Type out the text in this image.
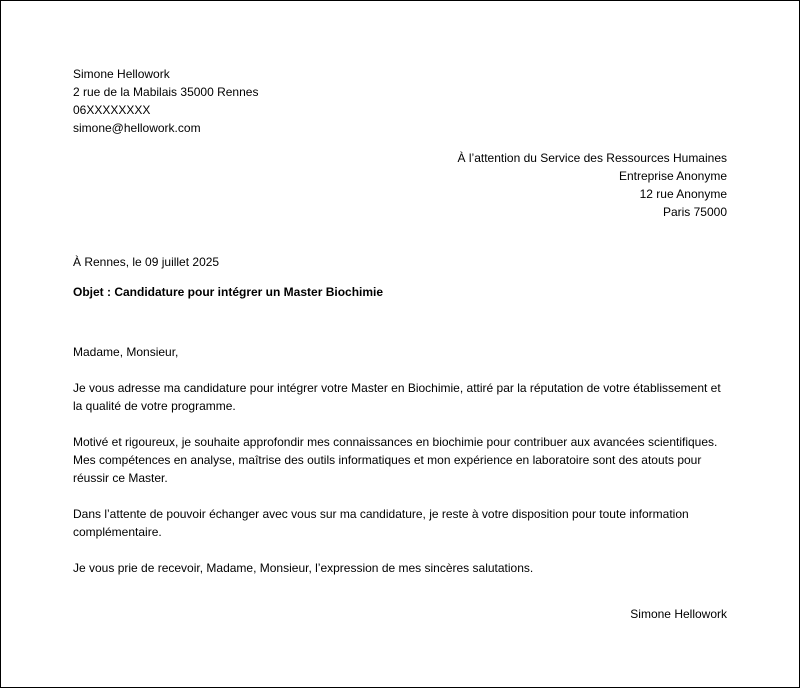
Simone Hellowork
2 rue de la Mabilais 35000 Rennes
06XXXXXXXX
simone@hellowork.com
À l’attention du Service des Ressources Humaines
Entreprise Anonyme
12 rue Anonyme
Paris 75000
À Rennes, le 09 juillet 2025
Objet : Candidature pour intégrer un Master Biochimie

Madame, Monsieur,

Je vous adresse ma candidature pour intégrer votre Master en Biochimie, attiré par la réputation de votre établissement et la qualité de votre programme.

Motivé et rigoureux, je souhaite approfondir mes connaissances en biochimie pour contribuer aux avancées scientifiques. Mes compétences en analyse, maîtrise des outils informatiques et mon expérience en laboratoire sont des atouts pour réussir ce Master.

Dans l’attente de pouvoir échanger avec vous sur ma candidature, je reste à votre disposition pour toute information complémentaire.

Je vous prie de recevoir, Madame, Monsieur, l’expression de mes sincères salutations.

Simone Hellowork
